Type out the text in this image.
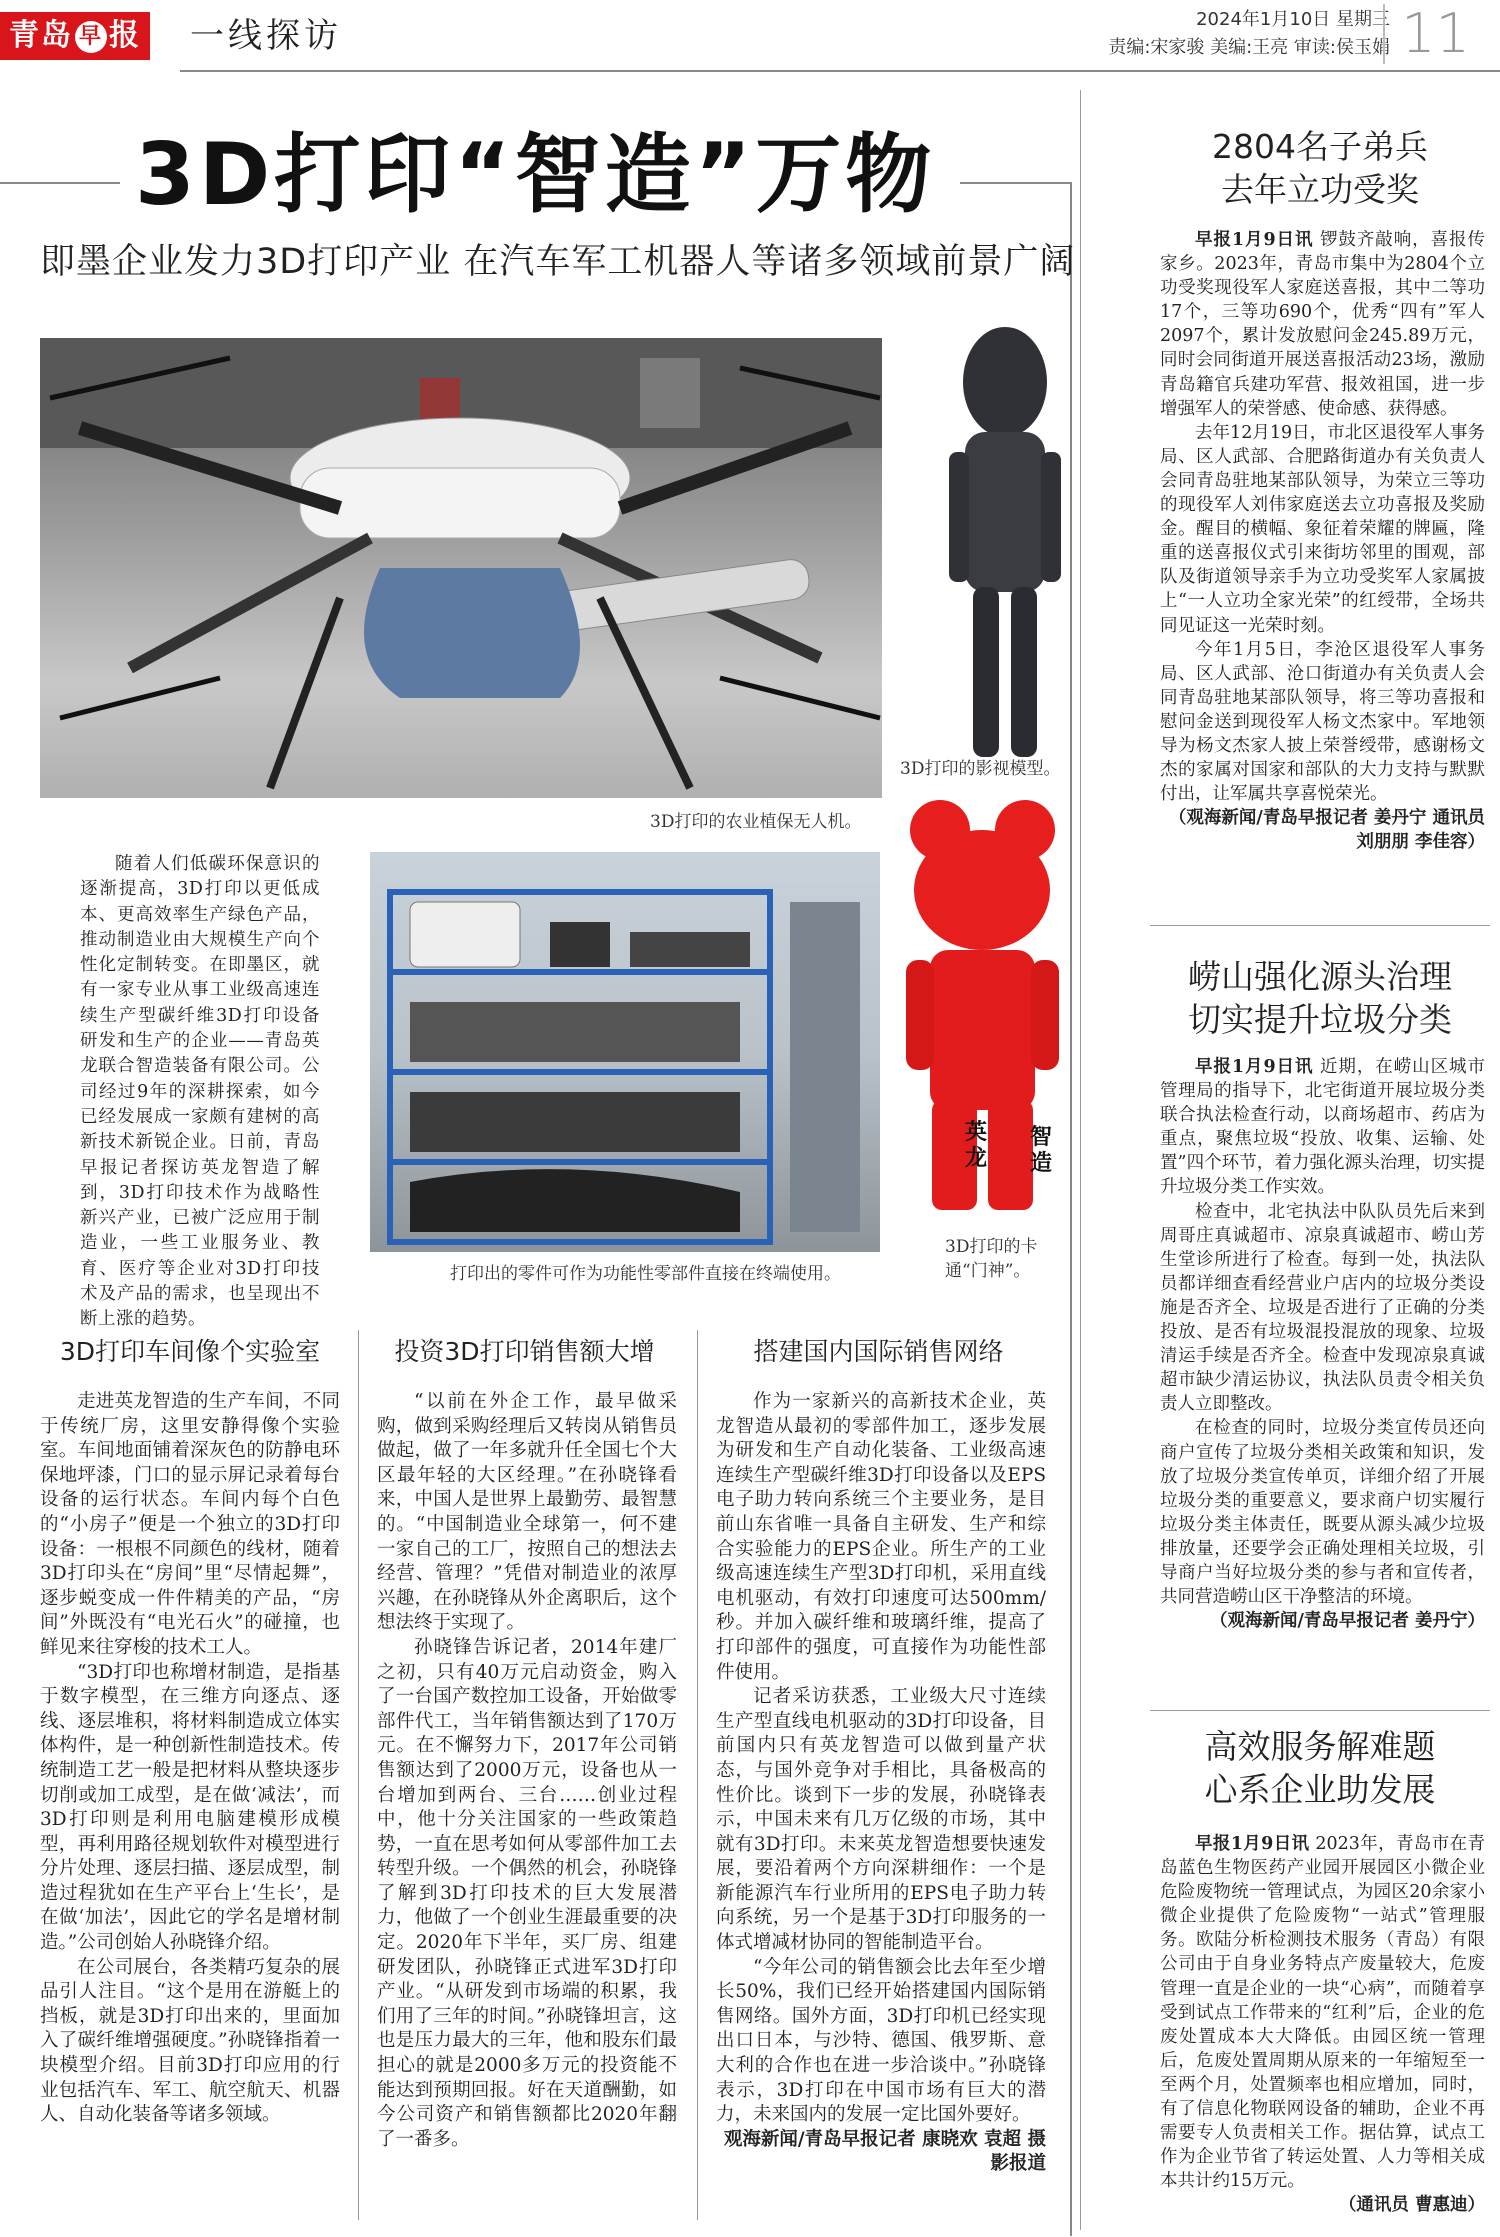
青岛 早 报 一线探访	2024年1月10日 星期三
责编:宋家骏 美编:王亮 审读:侯玉娟 11
3D打印“智造”万物
即墨企业发力3D打印产业 在汽车军工机器人等诸多领域前景广阔
3D打印的农业植保无人机。
3D打印的影视模型。

随着人们低碳环保意识的逐渐提高，3D打印以更低成本、更高效率生产绿色产品，推动制造业由大规模生产向个性化定制转变。在即墨区，就有一家专业从事工业级高速连续生产型碳纤维3D打印设备研发和生产的企业——青岛英龙联合智造装备有限公司。公司经过9年的深耕探索，如今已经发展成一家颇有建树的高新技术新锐企业。日前，青岛早报记者探访英龙智造了解到，3D打印技术作为战略性新兴产业，已被广泛应用于制造业，一些工业服务业、教育、医疗等企业对3D打印技术及产品的需求，也呈现出不断上涨的趋势。

打印出的零件可作为功能性零部件直接在终端使用。
英龙
智造
3D打印的卡通“门神”。
3D打印车间像个实验室

走进英龙智造的生产车间，不同于传统厂房，这里安静得像个实验室。车间地面铺着深灰色的防静电环保地坪漆，门口的显示屏记录着每台设备的运行状态。车间内每个白色的“小房子”便是一个独立的3D打印设备：一根根不同颜色的线材，随着3D打印头在“房间”里“尽情起舞”，逐步蜕变成一件件精美的产品，“房间”外既没有“电光石火”的碰撞，也鲜见来往穿梭的技术工人。

“3D打印也称增材制造，是指基于数字模型，在三维方向逐点、逐线、逐层堆积，将材料制造成立体实体构件，是一种创新性制造技术。传统制造工艺一般是把材料从整块逐步切削或加工成型，是在做‘减法’，而3D打印则是利用电脑建模形成模型，再利用路径规划软件对模型进行分片处理、逐层扫描、逐层成型，制造过程犹如在生产平台上‘生长’，是在做‘加法’，因此它的学名是增材制造。”公司创始人孙晓锋介绍。

在公司展台，各类精巧复杂的展品引人注目。“这个是用在游艇上的挡板，就是3D打印出来的，里面加入了碳纤维增强硬度。”孙晓锋指着一块模型介绍。目前3D打印应用的行业包括汽车、军工、航空航天、机器人、自动化装备等诸多领域。

投资3D打印销售额大增

“以前在外企工作，最早做采购，做到采购经理后又转岗从销售员做起，做了一年多就升任全国七个大区最年轻的大区经理。”在孙晓锋看来，中国人是世界上最勤劳、最智慧的。“中国制造业全球第一，何不建一家自己的工厂，按照自己的想法去经营、管理？”凭借对制造业的浓厚兴趣，在孙晓锋从外企离职后，这个想法终于实现了。

孙晓锋告诉记者，2014年建厂之初，只有40万元启动资金，购入了一台国产数控加工设备，开始做零部件代工，当年销售额达到了170万元。在不懈努力下，2017年公司销售额达到了2000万元，设备也从一台增加到两台、三台……创业过程中，他十分关注国家的一些政策趋势，一直在思考如何从零部件加工去转型升级。一个偶然的机会，孙晓锋了解到3D打印技术的巨大发展潜力，他做了一个创业生涯最重要的决定。2020年下半年，买厂房、组建研发团队，孙晓锋正式进军3D打印产业。“从研发到市场端的积累，我们用了三年的时间。”孙晓锋坦言，这也是压力最大的三年，他和股东们最担心的就是2000多万元的投资能不能达到预期回报。好在天道酬勤，如今公司资产和销售额都比2020年翻了一番多。

搭建国内国际销售网络

作为一家新兴的高新技术企业，英龙智造从最初的零部件加工，逐步发展为研发和生产自动化装备、工业级高速连续生产型碳纤维3D打印设备以及EPS电子助力转向系统三个主要业务，是目前山东省唯一具备自主研发、生产和综合实验能力的EPS企业。所生产的工业级高速连续生产型3D打印机，采用直线电机驱动，有效打印速度可达500mm/秒。并加入碳纤维和玻璃纤维，提高了打印部件的强度，可直接作为功能性部件使用。

记者采访获悉，工业级大尺寸连续生产型直线电机驱动的3D打印设备，目前国内只有英龙智造可以做到量产状态，与国外竞争对手相比，具备极高的性价比。谈到下一步的发展，孙晓锋表示，中国未来有几万亿级的市场，其中就有3D打印。未来英龙智造想要快速发展，要沿着两个方向深耕细作：一个是新能源汽车行业所用的EPS电子助力转向系统，另一个是基于3D打印服务的一体式增减材协同的智能制造平台。

“今年公司的销售额会比去年至少增长50%，我们已经开始搭建国内国际销售网络。国外方面，3D打印机已经实现出口日本，与沙特、德国、俄罗斯、意大利的合作也在进一步洽谈中。”孙晓锋表示，3D打印在中国市场有巨大的潜力，未来国内的发展一定比国外要好。

观海新闻/青岛早报记者 康晓欢 袁超 摄影报道

2804名子弟兵
去年立功受奖

早报1月9日讯 锣鼓齐敲响，喜报传家乡。2023年，青岛市集中为2804个立功受奖现役军人家庭送喜报，其中二等功17个，三等功690个，优秀“四有”军人2097个，累计发放慰问金245.89万元，同时会同街道开展送喜报活动23场，激励青岛籍官兵建功军营、报效祖国，进一步增强军人的荣誉感、使命感、获得感。

去年12月19日，市北区退役军人事务局、区人武部、合肥路街道办有关负责人会同青岛驻地某部队领导，为荣立三等功的现役军人刘伟家庭送去立功喜报及奖励金。醒目的横幅、象征着荣耀的牌匾，隆重的送喜报仪式引来街坊邻里的围观，部队及街道领导亲手为立功受奖军人家属披上“一人立功全家光荣”的红绶带，全场共同见证这一光荣时刻。

今年1月5日，李沧区退役军人事务局、区人武部、沧口街道办有关负责人会同青岛驻地某部队领导，将三等功喜报和慰问金送到现役军人杨文杰家中。军地领导为杨文杰家人披上荣誉绶带，感谢杨文杰的家属对国家和部队的大力支持与默默付出，让军属共享喜悦荣光。

（观海新闻/青岛早报记者 姜丹宁 通讯员 刘朋朋 李佳容）

崂山强化源头治理
切实提升垃圾分类

早报1月9日讯 近期，在崂山区城市管理局的指导下，北宅街道开展垃圾分类联合执法检查行动，以商场超市、药店为重点，聚焦垃圾“投放、收集、运输、处置”四个环节，着力强化源头治理，切实提升垃圾分类工作实效。

检查中，北宅执法中队队员先后来到周哥庄真诚超市、凉泉真诚超市、崂山芳生堂诊所进行了检查。每到一处，执法队员都详细查看经营业户店内的垃圾分类设施是否齐全、垃圾是否进行了正确的分类投放、是否有垃圾混投混放的现象、垃圾清运手续是否齐全。检查中发现凉泉真诚超市缺少清运协议，执法队员责令相关负责人立即整改。

在检查的同时，垃圾分类宣传员还向商户宣传了垃圾分类相关政策和知识，发放了垃圾分类宣传单页，详细介绍了开展垃圾分类的重要意义，要求商户切实履行垃圾分类主体责任，既要从源头减少垃圾排放量，还要学会正确处理相关垃圾，引导商户当好垃圾分类的参与者和宣传者，共同营造崂山区干净整洁的环境。

（观海新闻/青岛早报记者 姜丹宁）

高效服务解难题
心系企业助发展

早报1月9日讯 2023年，青岛市在青岛蓝色生物医药产业园开展园区小微企业危险废物统一管理试点，为园区20余家小微企业提供了危险废物“一站式”管理服务。欧陆分析检测技术服务（青岛）有限公司由于自身业务特点产废量较大，危废管理一直是企业的一块“心病”，而随着享受到试点工作带来的“红利”后，企业的危废处置成本大大降低。由园区统一管理后，危废处置周期从原来的一年缩短至一至两个月，处置频率也相应增加，同时，有了信息化物联网设备的辅助，企业不再需要专人负责相关工作。据估算，试点工作为企业节省了转运处置、人力等相关成本共计约15万元。

（通讯员 曹惠迪）
